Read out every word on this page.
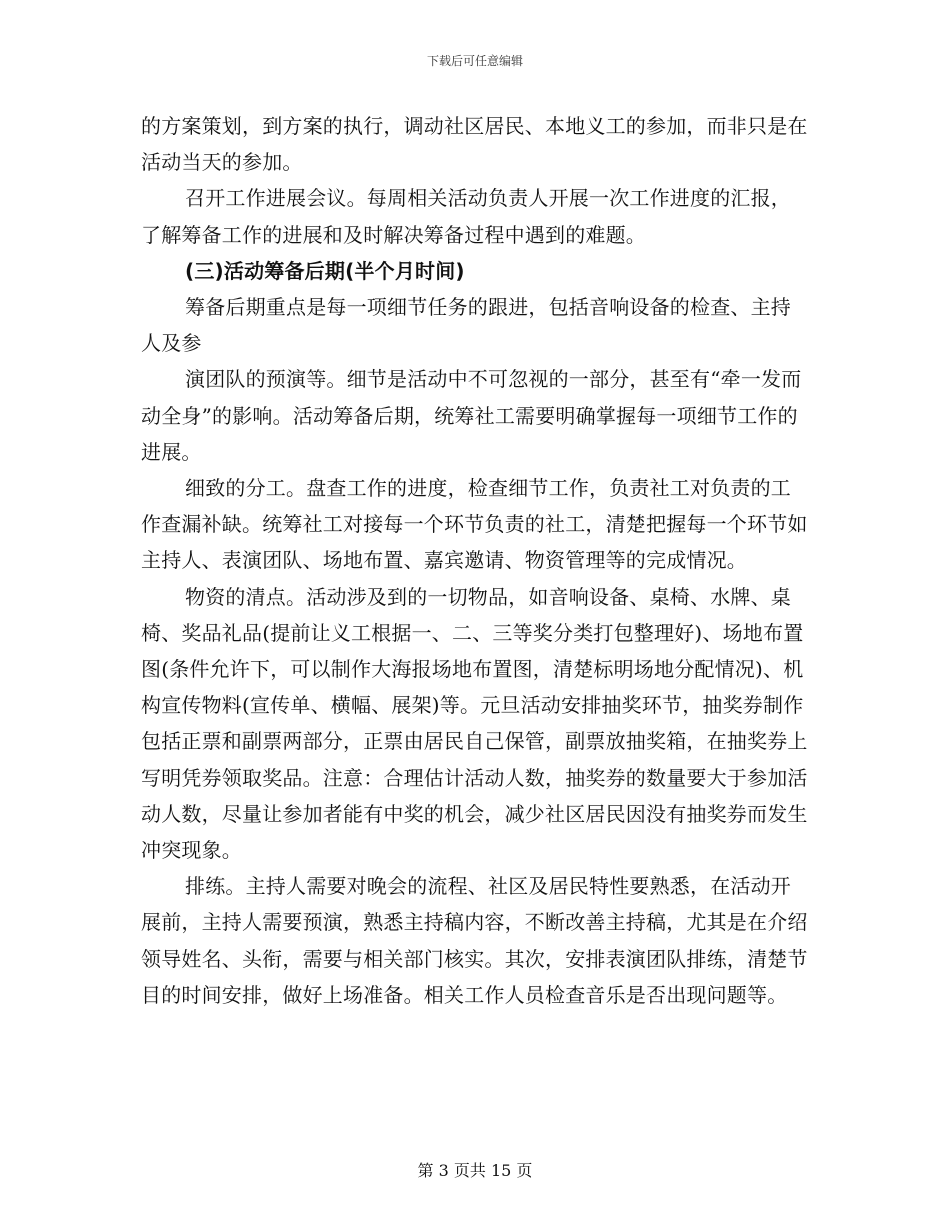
下载后可任意编辑

的方案策划，到方案的执行，调动社区居民、本地义工的参加，而非只是在活动当天的参加。

召开工作进展会议。每周相关活动负责人开展一次工作进度的汇报，了解筹备工作的进展和及时解决筹备过程中遇到的难题。

(三)活动筹备后期(半个月时间)

筹备后期重点是每一项细节任务的跟进，包括音响设备的检查、主持人及参

演团队的预演等。细节是活动中不可忽视的一部分，甚至有“牵一发而动全身”的影响。活动筹备后期，统筹社工需要明确掌握每一项细节工作的进展。

细致的分工。盘查工作的进度，检查细节工作，负责社工对负责的工作查漏补缺。统筹社工对接每一个环节负责的社工，清楚把握每一个环节如主持人、表演团队、场地布置、嘉宾邀请、物资管理等的完成情况。

物资的清点。活动涉及到的一切物品，如音响设备、桌椅、水牌、桌椅、奖品礼品(提前让义工根据一、二、三等奖分类打包整理好)、场地布置图(条件允许下，可以制作大海报场地布置图，清楚标明场地分配情况)、机构宣传物料(宣传单、横幅、展架)等。元旦活动安排抽奖环节，抽奖券制作包括正票和副票两部分，正票由居民自己保管，副票放抽奖箱，在抽奖券上写明凭券领取奖品。注意：合理估计活动人数，抽奖券的数量要大于参加活动人数，尽量让参加者能有中奖的机会，减少社区居民因没有抽奖券而发生冲突现象。

排练。主持人需要对晚会的流程、社区及居民特性要熟悉，在活动开展前，主持人需要预演，熟悉主持稿内容，不断改善主持稿，尤其是在介绍领导姓名、头衔，需要与相关部门核实。其次，安排表演团队排练，清楚节目的时间安排，做好上场准备。相关工作人员检查音乐是否出现问题等。

第 3 页共 15 页
